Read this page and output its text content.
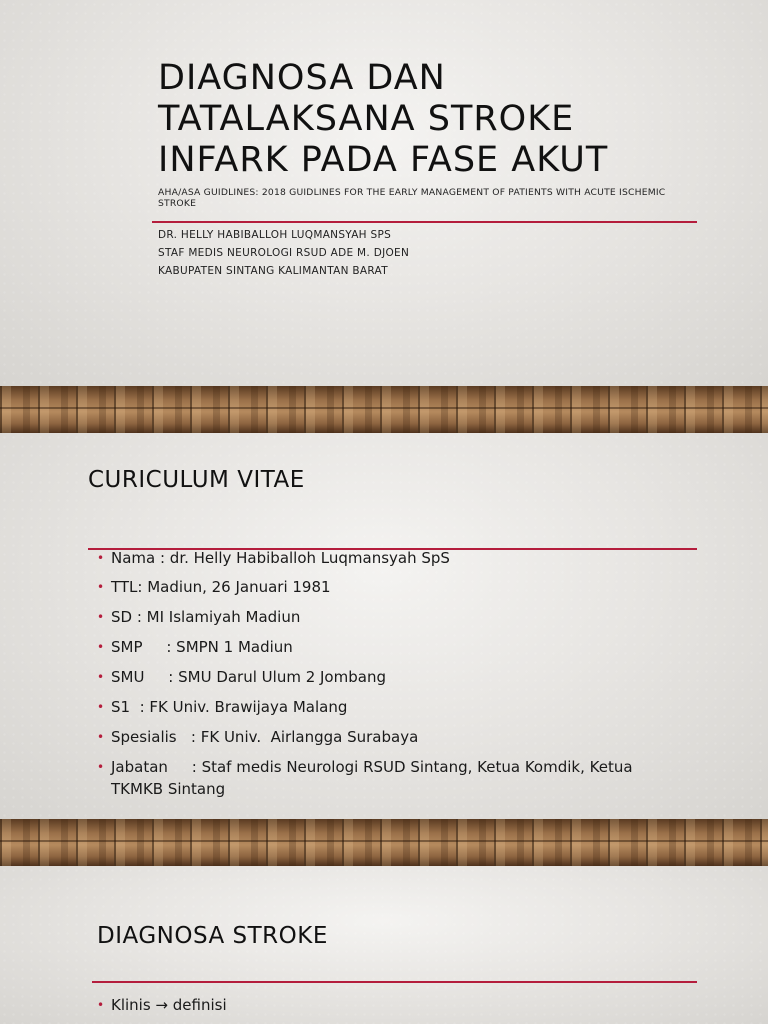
DIAGNOSA DAN
TATALAKSANA STROKE
INFARK PADA FASE AKUT
AHA/ASA GUIDLINES: 2018 GUIDLINES FOR THE EARLY MANAGEMENT OF PATIENTS WITH ACUTE ISCHEMIC STROKE
DR. HELLY HABIBALLOH LUQMANSYAH SPS
STAF MEDIS NEUROLOGI RSUD ADE M. DJOEN
KABUPATEN SINTANG KALIMANTAN BARAT
CURICULUM VITAE
• Nama : dr. Helly Habiballoh Luqmansyah SpS
• TTL: Madiun, 26 Januari 1981
• SD : MI Islamiyah Madiun
• SMP     : SMPN 1 Madiun
• SMU     : SMU Darul Ulum 2 Jombang
• S1  : FK Univ. Brawijaya Malang
• Spesialis   : FK Univ.  Airlangga Surabaya
• Jabatan     : Staf medis Neurologi RSUD Sintang, Ketua Komdik, Ketua TKMKB Sintang
DIAGNOSA STROKE
• Klinis → definisi
